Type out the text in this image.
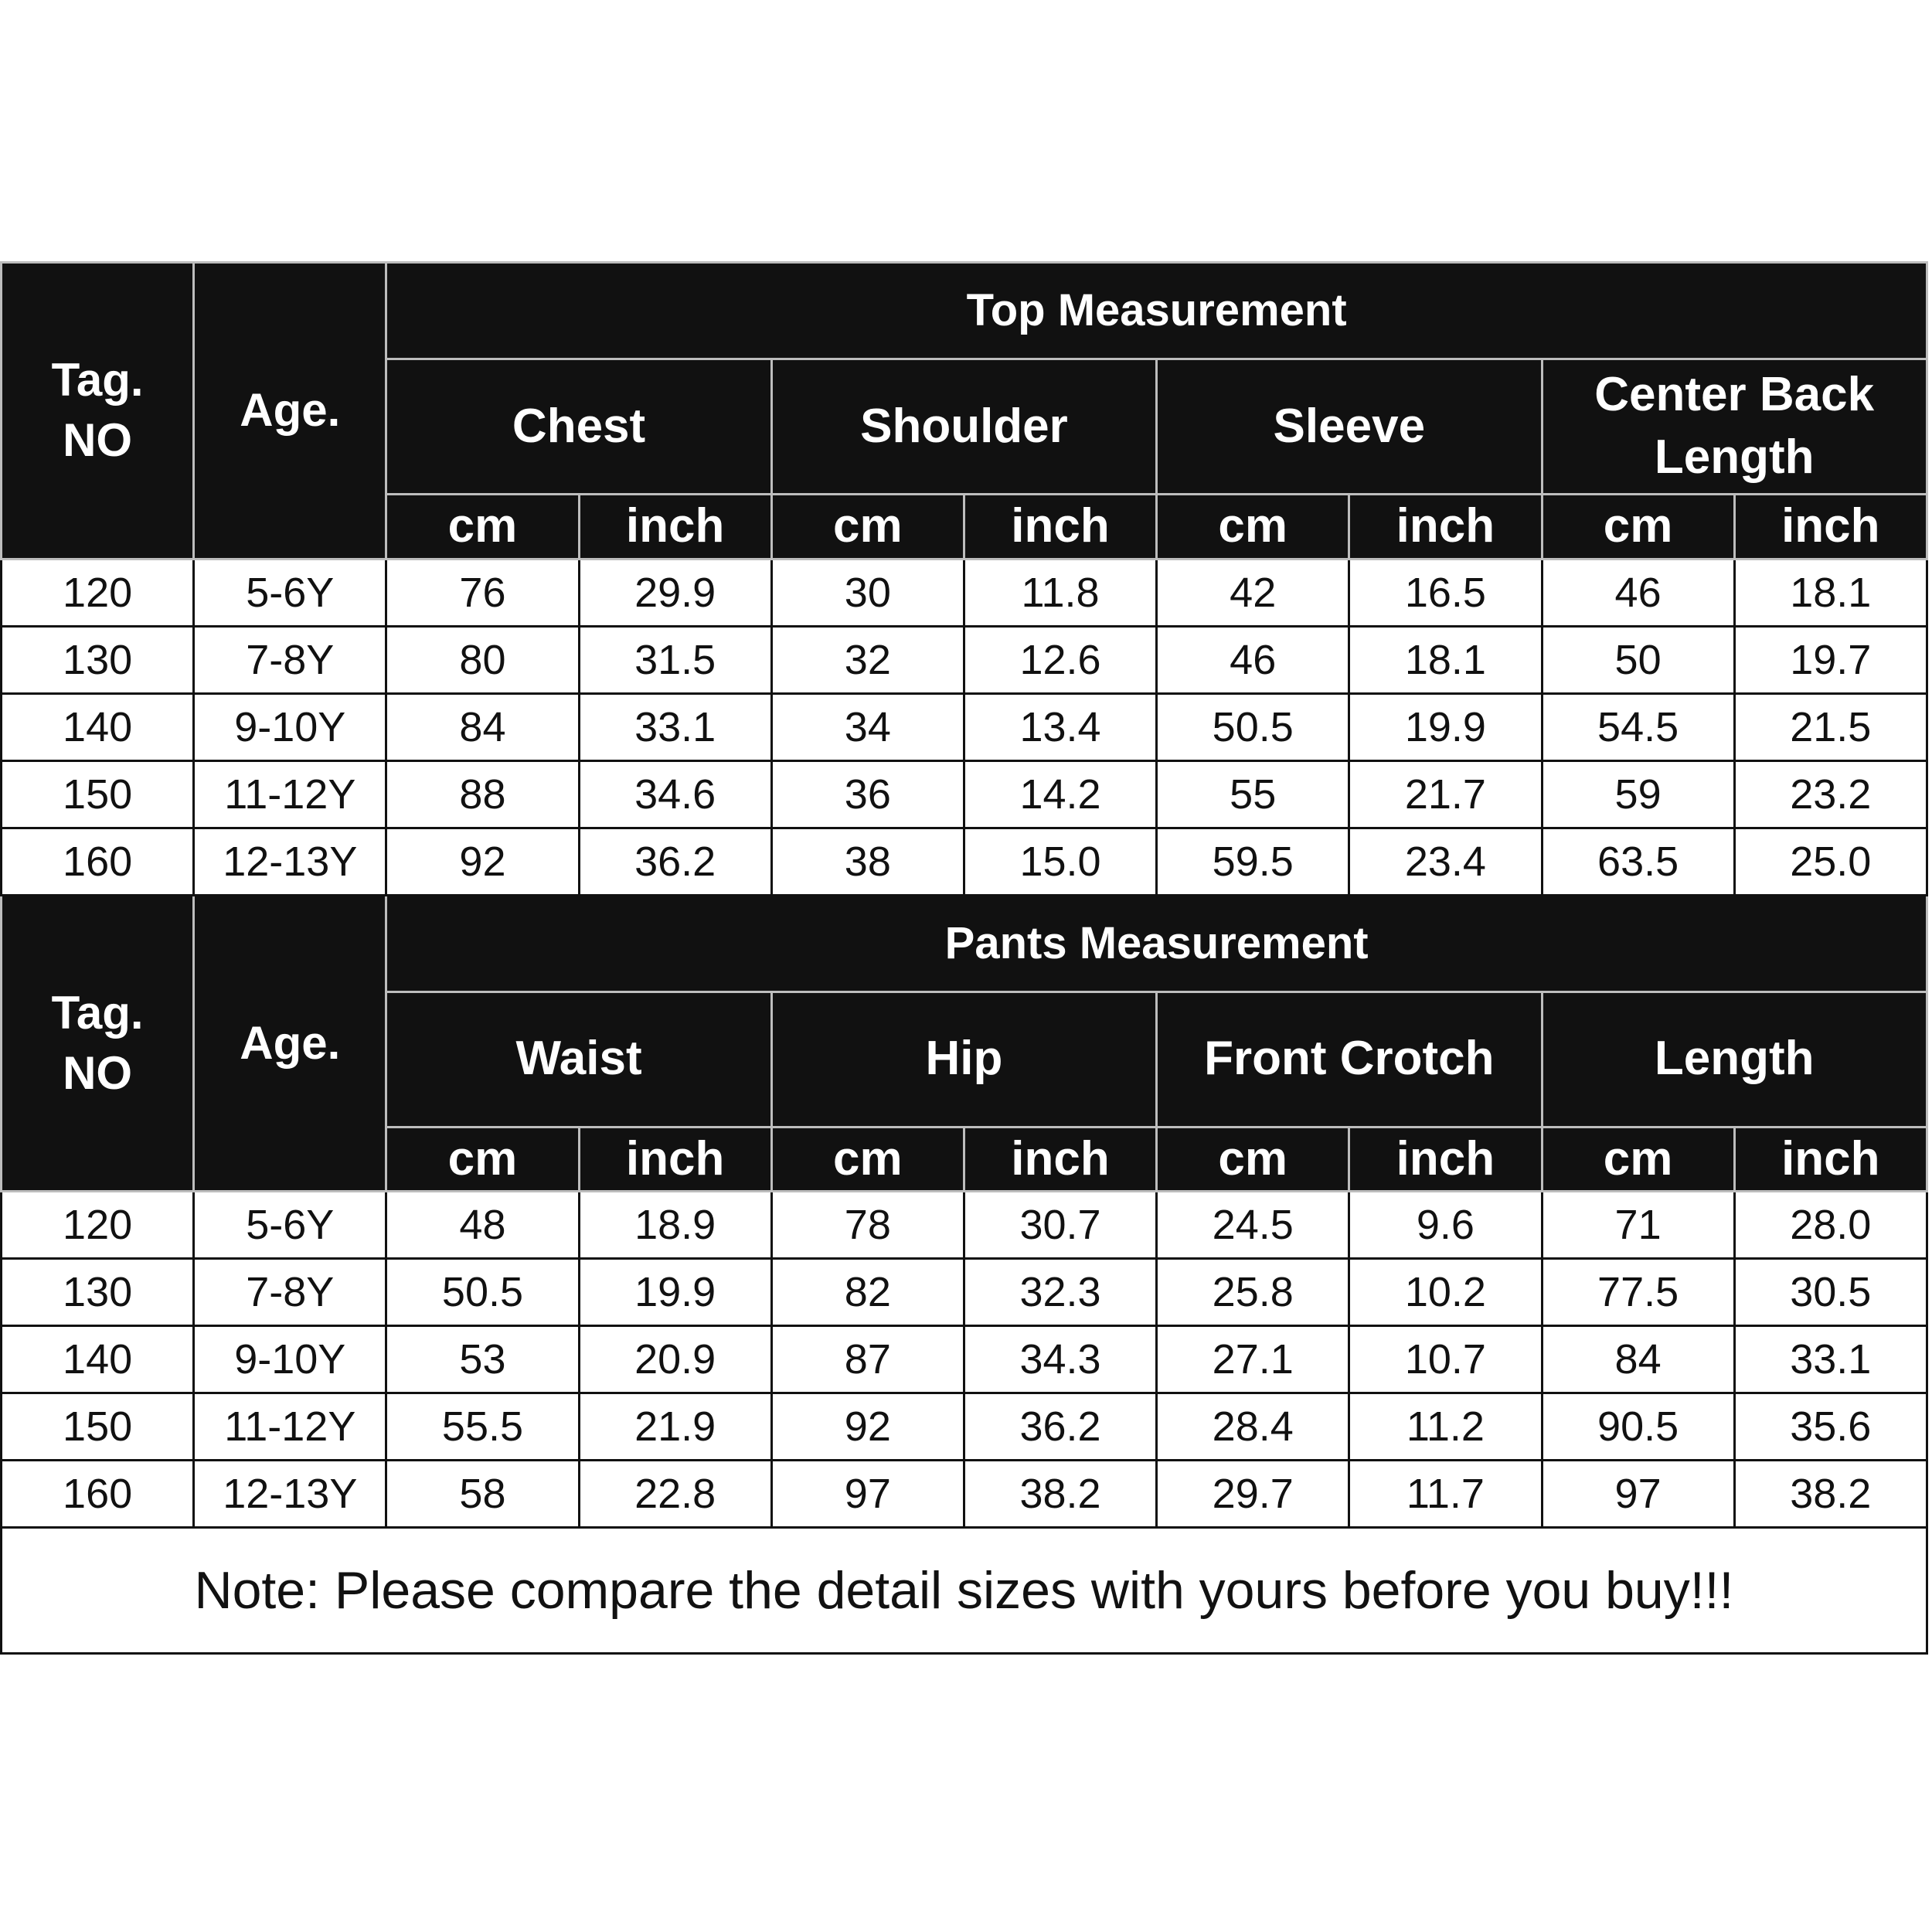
Tag.
NO	Age.	Top Measurement							
		Chest		Shoulder		Sleeve		Center Back
Length	
		cm	inch	cm	inch	cm	inch	cm	inch
120	5-6Y	76	29.9	30	11.8	42	16.5	46	18.1
130	7-8Y	80	31.5	32	12.6	46	18.1	50	19.7
140	9-10Y	84	33.1	34	13.4	50.5	19.9	54.5	21.5
150	11-12Y	88	34.6	36	14.2	55	21.7	59	23.2
160	12-13Y	92	36.2	38	15.0	59.5	23.4	63.5	25.0
Tag.
NO	Age.	Pants Measurement							
		Waist		Hip		Front Crotch		Length	
		cm	inch	cm	inch	cm	inch	cm	inch
120	5-6Y	48	18.9	78	30.7	24.5	9.6	71	28.0
130	7-8Y	50.5	19.9	82	32.3	25.8	10.2	77.5	30.5
140	9-10Y	53	20.9	87	34.3	27.1	10.7	84	33.1
150	11-12Y	55.5	21.9	92	36.2	28.4	11.2	90.5	35.6
160	12-13Y	58	22.8	97	38.2	29.7	11.7	97	38.2
Note: Please compare the detail sizes with yours before you buy!!!									
